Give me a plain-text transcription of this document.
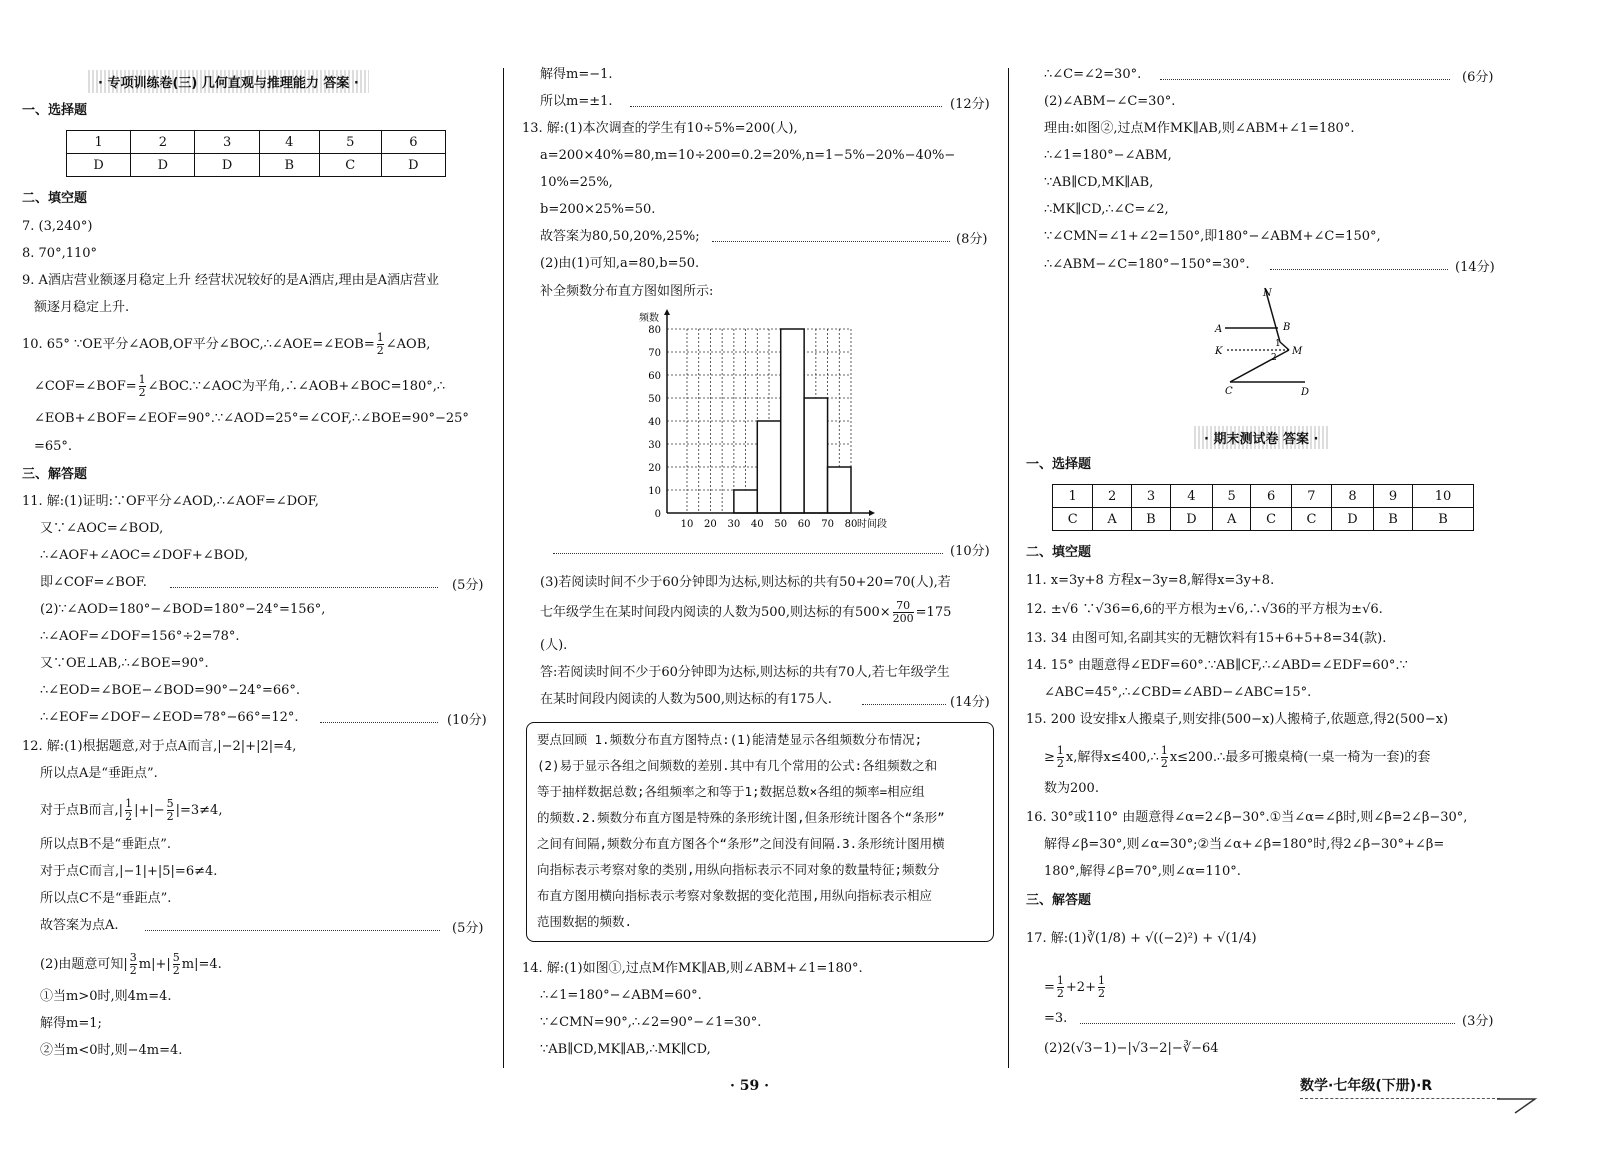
· 专项训练卷(三) 几何直观与推理能力 答案 ·
一、选择题
1	2	3	4	5	6
D	D	D	B	C	D
二、填空题
7. (3,240°)
8. 70°,110°
9. A酒店营业额逐月稳定上升 经营状况较好的是A酒店,理由是A酒店营业
额逐月稳定上升.
10. 65° ∵OE平分∠AOB,OF平分∠BOC,∴∠AOE=∠EOB= $\frac{1}{2}$ ∠AOB,
∠COF=∠BOF= $\frac{1}{2}$ ∠BOC.∵∠AOC为平角,∴∠AOB+∠BOC=180°,∴
∠EOB+∠BOF=∠EOF=90°.∵∠AOD=25°=∠COF,∴∠BOE=90°−25°
=65°.
三、解答题
11. 解:(1)证明:∵OF平分∠AOD,∴∠AOF=∠DOF,
又∵∠AOC=∠BOD,
∴∠AOF+∠AOC=∠DOF+∠BOD,
即∠COF=∠BOF.	(5分)
(2)∵∠AOD=180°−∠BOD=180°−24°=156°,
∴∠AOF=∠DOF=156°÷2=78°.
又∵OE⊥AB,∴∠BOE=90°.
∴∠EOD=∠BOE−∠BOD=90°−24°=66°.
∴∠EOF=∠DOF−∠EOD=78°−66°=12°.	(10分)
12. 解:(1)根据题意,对于点A而言,|−2|+|2|=4,
所以点A是“垂距点”.
对于点B而言,| $\frac{1}{2}$ |+|− $\frac{5}{2} |=3\ne 4$,
所以点B不是“垂距点”.
对于点C而言,|−1|+|5|=6≠4.
所以点C不是“垂距点”.
故答案为点A.	(5分)
(2)由题意可知| $\frac{3}{2} m|+| \frac{5}{2} m|=4$.
①当m>0时,则4m=4.
解得m=1;
②当m<0时,则−4m=4.
解得m=−1.
所以m=±1.	(12分)
13. 解:(1)本次调查的学生有10÷5%=200(人),
a=200×40%=80,m=10÷200=0.2=20%,n=1−5%−20%−40%−
10%=25%,
b=200×25%=50.
故答案为80,50,20%,25%;	(8分)
(2)由(1)可知,a=80,b=50.
补全频数分布直方图如图所示:
0
10
20
30
40
50
60
70
80
10 20 30 40 50 60 70 80
频数
时间段
(10分)
(3)若阅读时间不少于60分钟即为达标,则达标的共有50+20=70(人),若
七年级学生在某时间段内阅读的人数为500,则达标的有$500\times \frac{70}{200} =175$
(人).
答:若阅读时间不少于60分钟即为达标,则达标的共有70人,若七年级学生
在某时间段内阅读的人数为500,则达标的有175人.	(14分)
要点回顾 1.频数分布直方图特点:(1)能清楚显示各组频数分布情况;
(2)易于显示各组之间频数的差别.其中有几个常用的公式:各组频数之和
等于抽样数据总数;各组频率之和等于1;数据总数×各组的频率=相应组
的频数.2.频数分布直方图是特殊的条形统计图,但条形统计图各个“条形”
之间有间隔,频数分布直方图各个“条形”之间没有间隔.3.条形统计图用横
向指标表示考察对象的类别,用纵向指标表示不同对象的数量特征;频数分
布直方图用横向指标表示考察对象数据的变化范围,用纵向指标表示相应
范围数据的频数.
14. 解:(1)如图①,过点M作MK∥AB,则∠ABM+∠1=180°.
∴∠1=180°−∠ABM=60°.
∵∠CMN=90°,∴∠2=90°−∠1=30°.
∵AB∥CD,MK∥AB,∴MK∥CD,
· 59 ·
∴∠C=∠2=30°.	(6分)
(2)∠ABM−∠C=30°.
理由:如图②,过点M作MK∥AB,则∠ABM+∠1=180°.
∴∠1=180°−∠ABM,
∵AB∥CD,MK∥AB,
∴MK∥CD,∴∠C=∠2,
∵∠CMN=∠1+∠2=150°,即180°−∠ABM+∠C=150°,
∴∠ABM−∠C=180°−150°=30°.	(14分)
N
A	B
K
1
2
M
C	D
· 期末测试卷 答案 ·
一、选择题
1	2	3	4	5	6	7	8	9	10
C	A	B	D	A	C	C	D	B	B
二、填空题
11. x=3y+8 方程x−3y=8,解得x=3y+8.
12. ±√6 ∵√36=6,6的平方根为±√6,∴√36的平方根为±√6.
13. 34 由图可知,名副其实的无糖饮料有15+6+5+8=34(款).
14. 15° 由题意得∠EDF=60°.∵AB∥CF,∴∠ABD=∠EDF=60°.∵
∠ABC=45°,∴∠CBD=∠ABD−∠ABC=15°.
15. 200 设安排x人搬桌子,则安排(500−x)人搬椅子,依题意,得2(500−x)
≥ $\frac{1}{2} x$,解得x≤400,∴ $\frac{1}{2}$ x≤200.∴最多可搬桌椅(一桌一椅为一套)的套
数为200.
16. 30°或110° 由题意得∠α=2∠β−30°.①当∠α=∠β时,则∠β=2∠β−30°,
解得∠β=30°,则∠α=30°;②当∠α+∠β=180°时,得2∠β−30°+∠β=
180°,解得∠β=70°,则∠α=110°.
三、解答题
17. 解:(1)∛(1/8) + √((−2)²) + √(1/4)
= $\frac{1}{2} +2+ \frac{1}{2}$
=3.	(3分)
(2)2(√3−1)−|√3−2|−∛−64
数学·七年级(下册)·R
